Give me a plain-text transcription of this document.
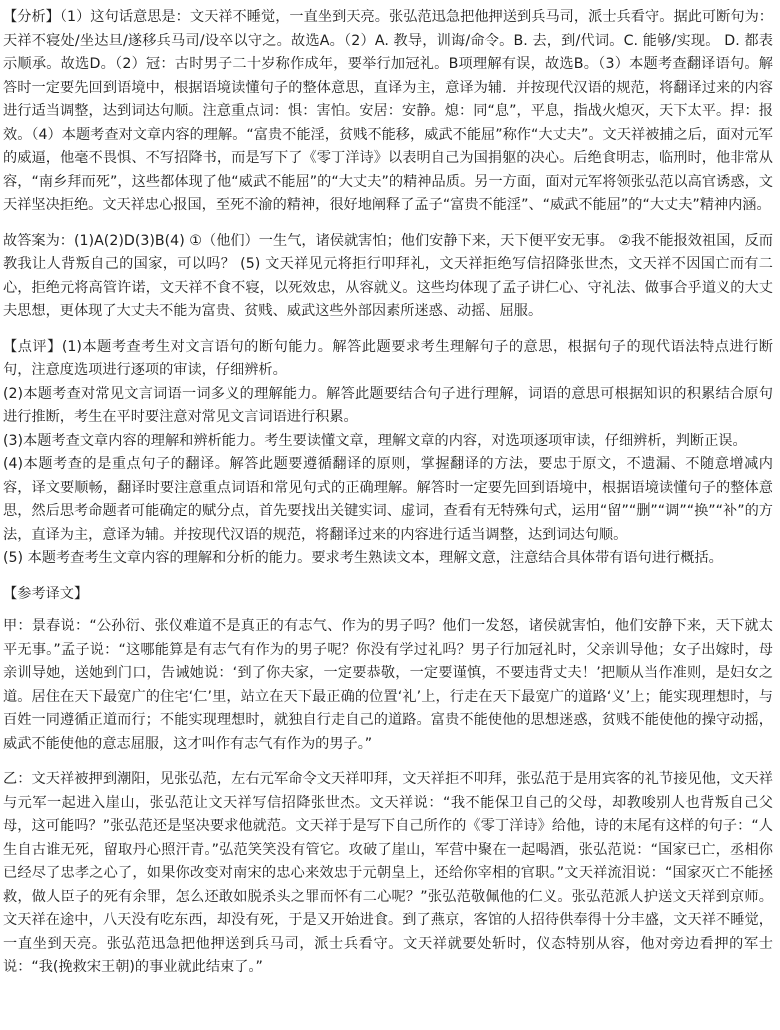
【分析】（1）这句话意思是：文天祥不睡觉，一直坐到天亮。张弘范迅急把他押送到兵马司，派士兵看守。据此可断句为：天祥不寝处/坐达旦/遂移兵马司/设卒以守之。故选A。（2）A. 教导，训诲/命令。B. 去，到/代词。C. 能够/实现。 D. 都表示顺承。故选D。（2）冠：古时男子二十岁称作成年，要举行加冠礼。B项理解有误，故选B。（3）本题考查翻译语句。解答时一定要先回到语境中，根据语境读懂句子的整体意思，直译为主，意译为辅．并按现代汉语的规范，将翻译过来的内容进行适当调整，达到词达句顺。注意重点词：惧：害怕。安居：安静。熄：同“息”，平息，指战火熄灭，天下太平。捍：报效。（4）本题考查对文章内容的理解。“富贵不能淫，贫贱不能移，威武不能屈”称作“大丈夫”。文天祥被捕之后，面对元军的威逼，他毫不畏惧、不写招降书，而是写下了《零丁洋诗》以表明自己为国捐躯的决心。后绝食明志，临刑时，他非常从容，“南乡拜而死”，这些都体现了他“威武不能屈”的“大丈夫”的精神品质。另一方面，面对元军将领张弘范以高官诱惑，文天祥坚决拒绝。文天祥忠心报国，至死不渝的精神，很好地阐释了孟子“富贵不能淫”、“威武不能屈”的“大丈夫”精神内涵。

故答案为：(1)A(2)D(3)B(4) ①（他们）一生气，诸侯就害怕；他们安静下来，天下便平安无事。 ②我不能报效祖国，反而教我让人背叛自己的国家，可以吗？ (5) 文天祥见元将拒行叩拜礼，文天祥拒绝写信招降张世杰，文天祥不因国亡而有二心，拒绝元将高管许诺，文天祥不食不寝，以死效忠，从容就义。这些均体现了孟子讲仁心、守礼法、做事合乎道义的大丈夫思想，更体现了大丈夫不能为富贵、贫贱、威武这些外部因素所迷惑、动摇、屈服。

【点评】(1)本题考查考生对文言语句的断句能力。解答此题要求考生理解句子的意思，根据句子的现代语法特点进行断句，注意度选项进行逐项的审读，仔细辨析。

(2)本题考查对常见文言词语一词多义的理解能力。解答此题要结合句子进行理解，词语的意思可根据知识的积累结合原句进行推断，考生在平时要注意对常见文言词语进行积累。

(3)本题考查文章内容的理解和辨析能力。考生要读懂文章，理解文章的内容，对选项逐项审读，仔细辨析，判断正误。

(4)本题考查的是重点句子的翻译。解答此题要遵循翻译的原则，掌握翻译的方法，要忠于原文，不遗漏、不随意增减内容，译文要顺畅，翻译时要注意重点词语和常见句式的正确理解。解答时一定要先回到语境中，根据语境读懂句子的整体意思，然后思考命题者可能确定的赋分点，首先要找出关键实词、虚词，查看有无特殊句式，运用“留”“删”“调”“换”“补”的方法，直译为主，意译为辅。并按现代汉语的规范，将翻译过来的内容进行适当调整，达到词达句顺。

(5) 本题考查考生文章内容的理解和分析的能力。要求考生熟读文本，理解文意，注意结合具体带有语句进行概括。

【参考译文】

甲：景春说：“公孙衍、张仪难道不是真正的有志气、作为的男子吗？他们一发怒，诸侯就害怕，他们安静下来，天下就太平无事。”孟子说：“这哪能算是有志气有作为的男子呢？你没有学过礼吗？男子行加冠礼时，父亲训导他；女子出嫁时，母亲训导她，送她到门口，告诫她说：‘到了你夫家，一定要恭敬，一定要谨慎，不要违背丈夫！’把顺从当作准则，是妇女之道。居住在天下最宽广的住宅‘仁’里，站立在天下最正确的位置‘礼’上，行走在天下最宽广的道路‘义’上；能实现理想时，与百姓一同遵循正道而行；不能实现理想时，就独自行走自己的道路。富贵不能使他的思想迷惑，贫贱不能使他的操守动摇，威武不能使他的意志屈服，这才叫作有志气有作为的男子。”

乙：文天祥被押到潮阳，见张弘范，左右元军命令文天祥叩拜，文天祥拒不叩拜，张弘范于是用宾客的礼节接见他，文天祥与元军一起进入崖山，张弘范让文天祥写信招降张世杰。文天祥说：“我不能保卫自己的父母，却教唆别人也背叛自己父母，这可能吗？”张弘范还是坚决要求他就范。文天祥于是写下自己所作的《零丁洋诗》给他，诗的末尾有这样的句子：“人生自古谁无死，留取丹心照汗青。”弘范笑笑没有管它。攻破了崖山，军营中聚在一起喝酒，张弘范说：“国家已亡，丞相你已经尽了忠孝之心了，如果你改变对南宋的忠心来效忠于元朝皇上，还给你宰相的官职。”文天祥流泪说：“国家灭亡不能拯救，做人臣子的死有余罪，怎么还敢如脱杀头之罪而怀有二心呢？”张弘范敬佩他的仁义。张弘范派人护送文天祥到京师。文天祥在途中，八天没有吃东西，却没有死，于是又开始进食。到了燕京，客馆的人招待供奉得十分丰盛，文天祥不睡觉，一直坐到天亮。张弘范迅急把他押送到兵马司，派士兵看守。文天祥就要处斩时，仪态特别从容，他对旁边看押的军士说：“我(挽救宋王朝)的事业就此结束了。”
